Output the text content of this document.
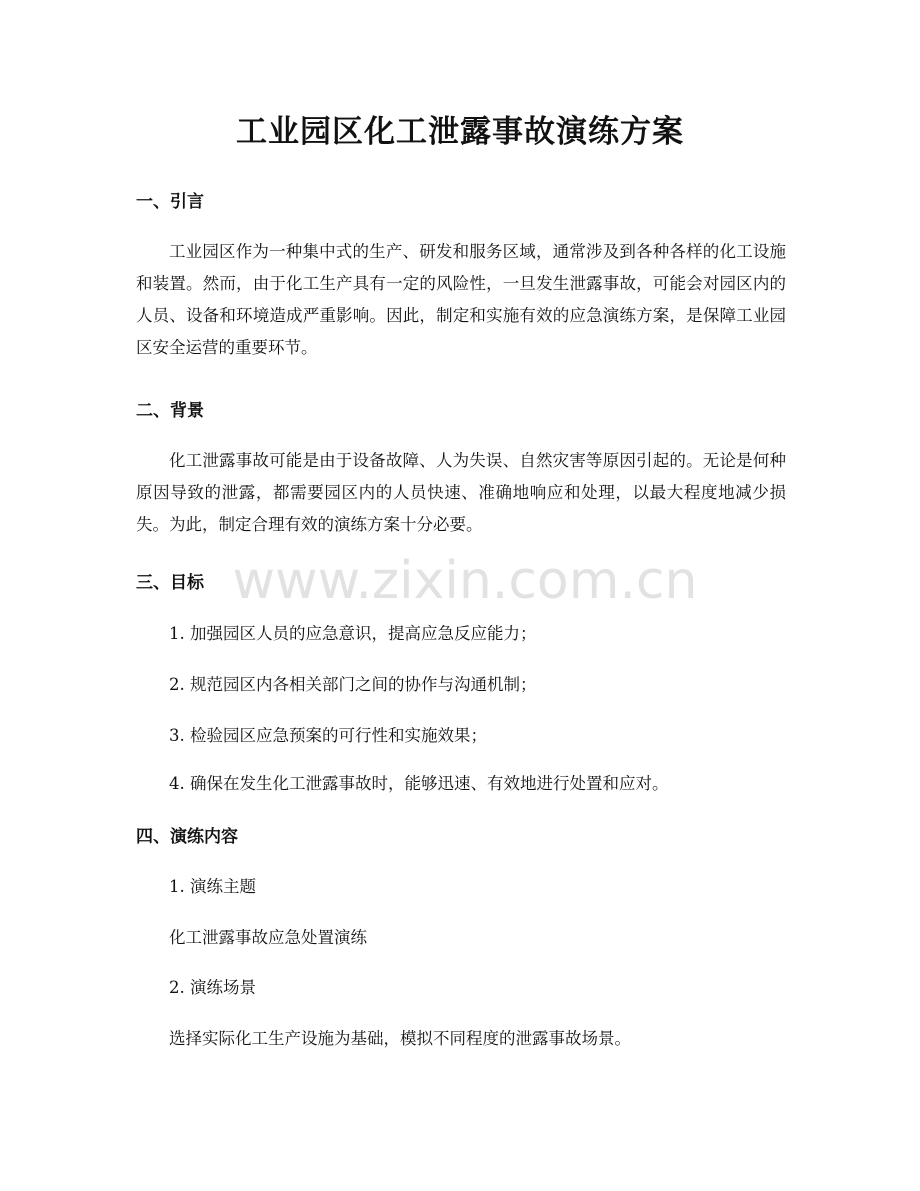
工业园区化工泄露事故演练方案
一、引言

工业园区作为一种集中式的生产、研发和服务区域，通常涉及到各种各样的化工设施和装置。然而，由于化工生产具有一定的风险性，一旦发生泄露事故，可能会对园区内的人员、设备和环境造成严重影响。因此，制定和实施有效的应急演练方案，是保障工业园区安全运营的重要环节。

二、背景

化工泄露事故可能是由于设备故障、人为失误、自然灾害等原因引起的。无论是何种原因导致的泄露，都需要园区内的人员快速、准确地响应和处理，以最大程度地减少损失。为此，制定合理有效的演练方案十分必要。

三、目标

1. 加强园区人员的应急意识，提高应急反应能力；

2. 规范园区内各相关部门之间的协作与沟通机制；

3. 检验园区应急预案的可行性和实施效果；

4. 确保在发生化工泄露事故时，能够迅速、有效地进行处置和应对。

四、演练内容

1. 演练主题

化工泄露事故应急处置演练

2. 演练场景

选择实际化工生产设施为基础，模拟不同程度的泄露事故场景。

www.zixin.com.cn
